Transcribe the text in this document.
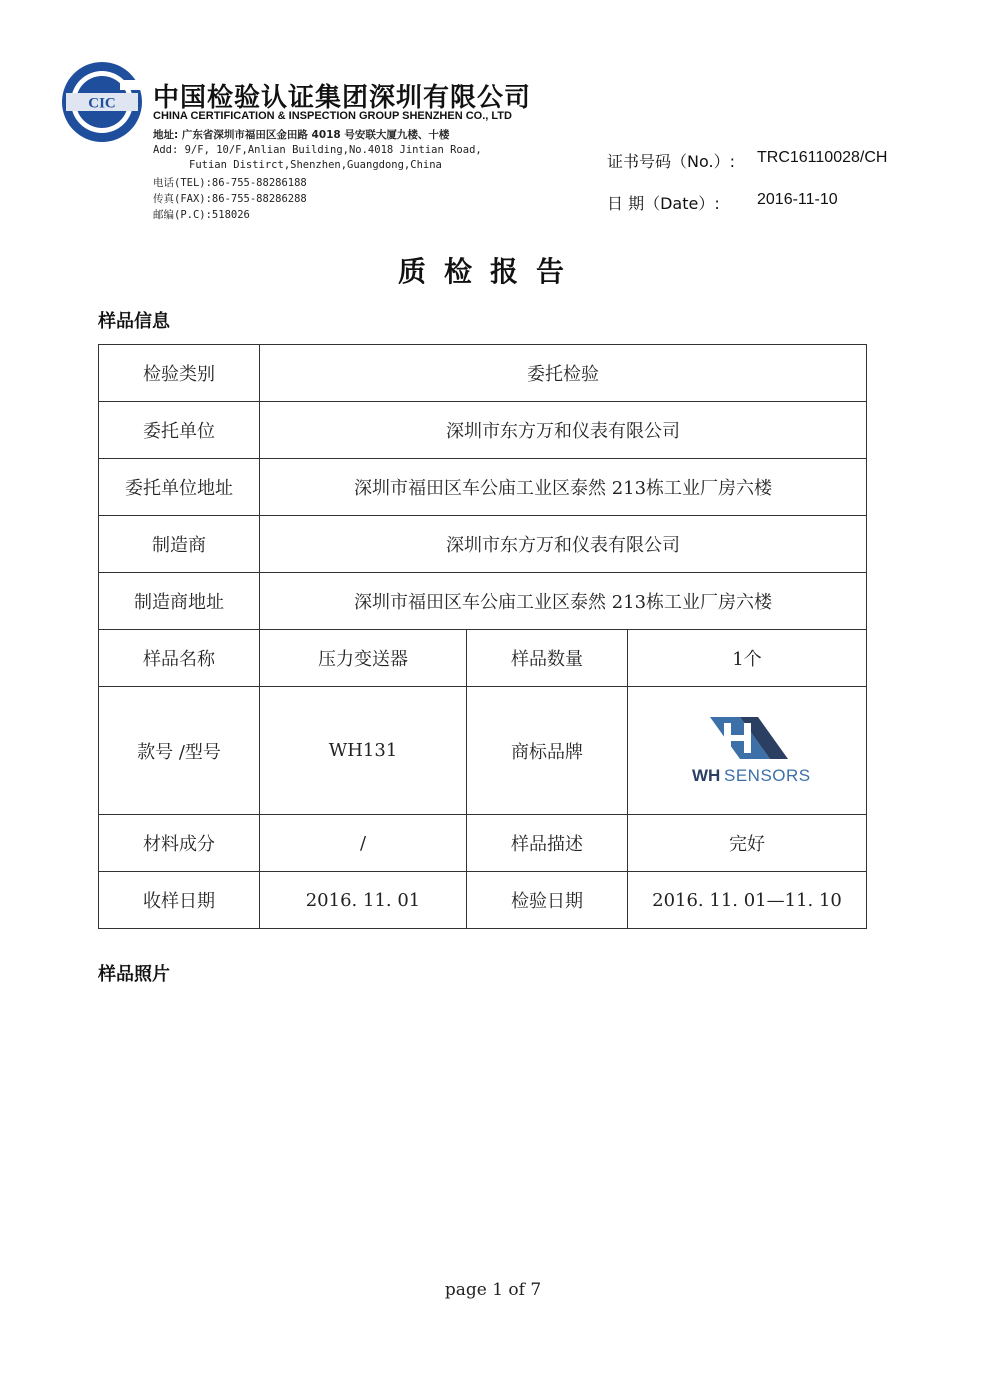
CIC 中国检验认证集团深圳有限公司
CHINA CERTIFICATION & INSPECTION GROUP SHENZHEN CO., LTD
地址: 广东省深圳市福田区金田路 4018 号安联大厦九楼、十楼
Add: 9/F, 10/F,Anlian Building,No.4018 Jintian Road,
Futian Distirct,Shenzhen,Guangdong,China
电话(TEL):86-755-88286188
传真(FAX):86-755-88286288
邮编(P.C):518026
证书号码（No.）: TRC16110028/CH
日 期（Date）: 2016-11-10
质检报告
样品信息
检验类别	委托检验		
委托单位	深圳市东方万和仪表有限公司		
委托单位地址	深圳市福田区车公庙工业区泰然 213栋工业厂房六楼		
制造商	深圳市东方万和仪表有限公司		
制造商地址	深圳市福田区车公庙工业区泰然 213栋工业厂房六楼		
样品名称	压力变送器	样品数量	1个
款号 /型号	WH131	商标品牌	WH SENSORS

材料成分	/	样品描述	完好
收样日期	2016. 11. 01	检验日期	2016. 11. 01—11. 10
样品照片
page 1 of 7
